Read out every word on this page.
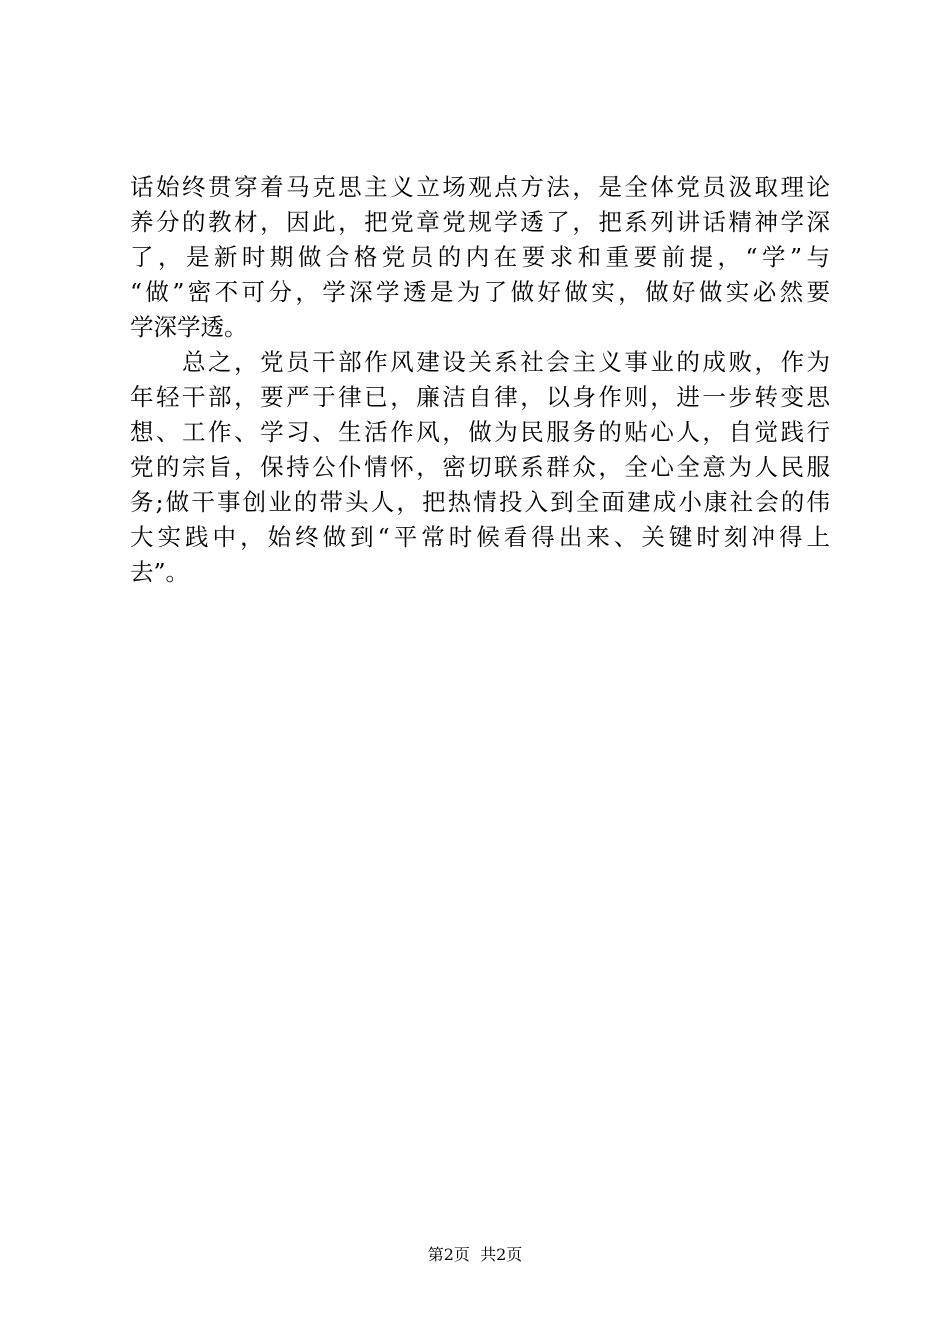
话始终贯穿着马克思主义立场观点方法，是全体党员汲取理论
养分的教材，因此，把党章党规学透了，把系列讲话精神学深
了，是新时期做合格党员的内在要求和重要前提，“学”与
“做”密不可分，学深学透是为了做好做实，做好做实必然要
学深学透。
　　总之，党员干部作风建设关系社会主义事业的成败，作为
年轻干部，要严于律已，廉洁自律，以身作则，进一步转变思
想、工作、学习、生活作风，做为民服务的贴心人，自觉践行
党的宗旨，保持公仆情怀，密切联系群众，全心全意为人民服
务;做干事创业的带头人，把热情投入到全面建成小康社会的伟
大实践中，始终做到“平常时候看得出来、关键时刻冲得上
去”。
第2页  共2页
